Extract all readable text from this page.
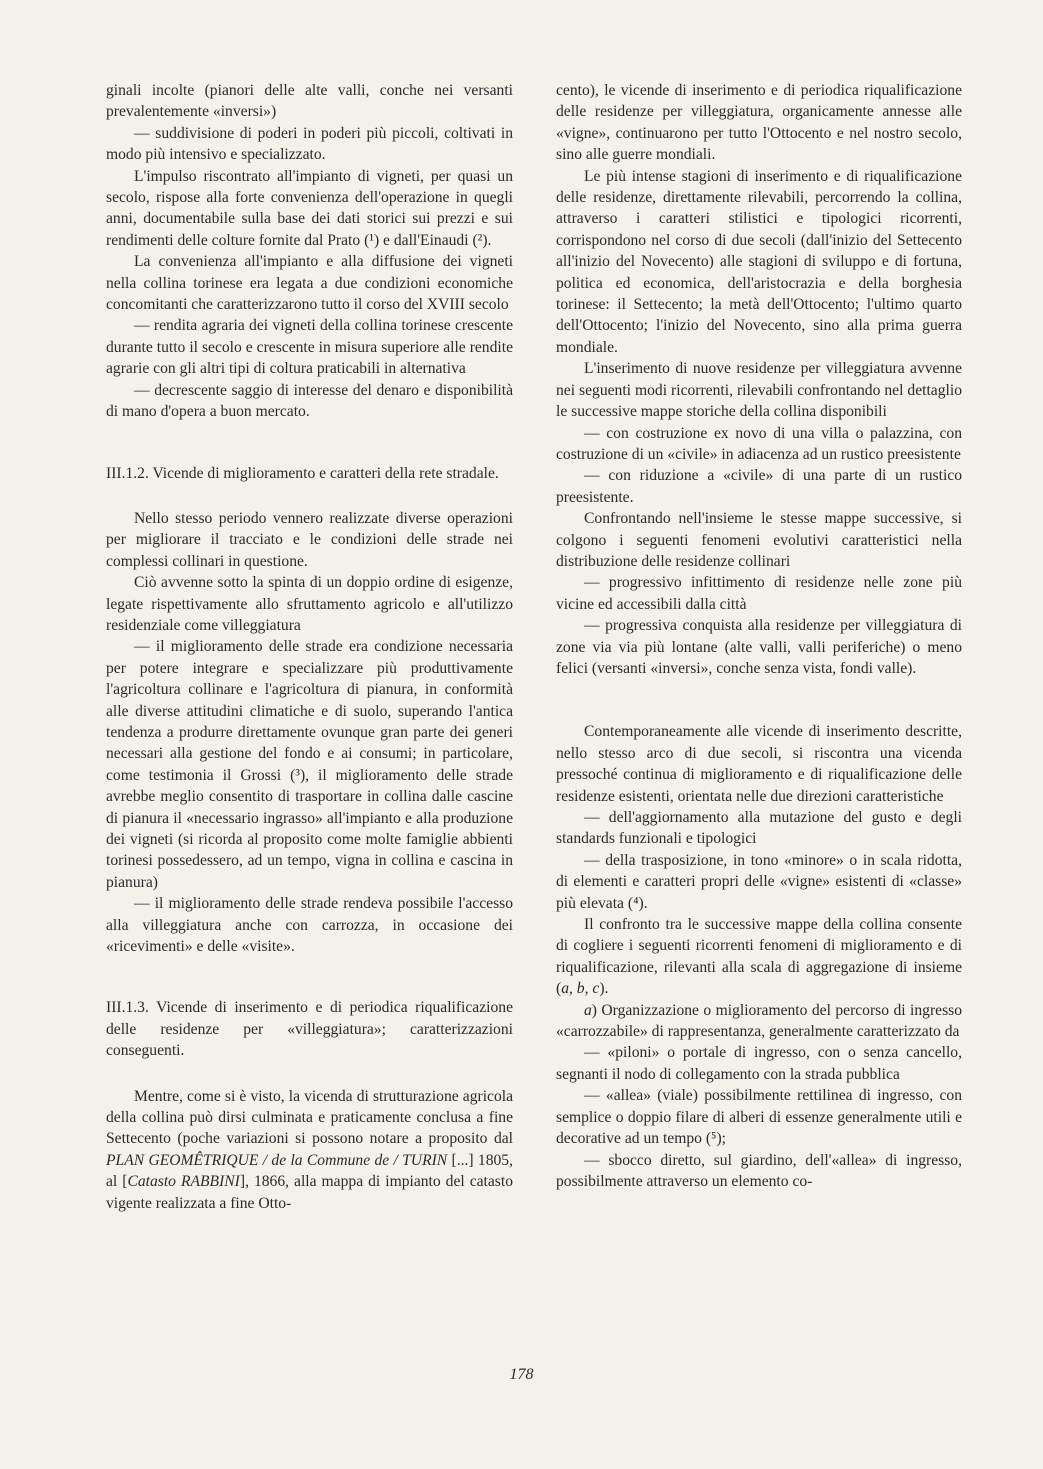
ginali incolte (pianori delle alte valli, conche nei versanti prevalentemente «inversi»)

— suddivisione di poderi in poderi più piccoli, coltivati in modo più intensivo e specializzato.

L'impulso riscontrato all'impianto di vigneti, per quasi un secolo, rispose alla forte convenienza dell'operazione in quegli anni, documentabile sulla base dei dati storici sui prezzi e sui rendimenti delle colture fornite dal Prato (¹) e dall'Einaudi (²).

La convenienza all'impianto e alla diffusione dei vigneti nella collina torinese era legata a due condizioni economiche concomitanti che caratterizzarono tutto il corso del XVIII secolo

— rendita agraria dei vigneti della collina torinese crescente durante tutto il secolo e crescente in misura superiore alle rendite agrarie con gli altri tipi di coltura praticabili in alternativa

— decrescente saggio di interesse del denaro e disponibilità di mano d'opera a buon mercato.

III.1.2. Vicende di miglioramento e caratteri della rete stradale.

Nello stesso periodo vennero realizzate diverse operazioni per migliorare il tracciato e le condizioni delle strade nei complessi collinari in questione.

Ciò avvenne sotto la spinta di un doppio ordine di esigenze, legate rispettivamente allo sfruttamento agricolo e all'utilizzo residenziale come villeggiatura

— il miglioramento delle strade era condizione necessaria per potere integrare e specializzare più produttivamente l'agricoltura collinare e l'agricoltura di pianura, in conformità alle diverse attitudini climatiche e di suolo, superando l'antica tendenza a produrre direttamente ovunque gran parte dei generi necessari alla gestione del fondo e ai consumi; in particolare, come testimonia il Grossi (³), il miglioramento delle strade avrebbe meglio consentito di trasportare in collina dalle cascine di pianura il «necessario ingrasso» all'impianto e alla produzione dei vigneti (si ricorda al proposito come molte famiglie abbienti torinesi possedessero, ad un tempo, vigna in collina e cascina in pianura)

— il miglioramento delle strade rendeva possibile l'accesso alla villeggiatura anche con carrozza, in occasione dei «ricevimenti» e delle «visite».

III.1.3. Vicende di inserimento e di periodica riqualificazione delle residenze per «villeggiatura»; caratterizzazioni conseguenti.

Mentre, come si è visto, la vicenda di strutturazione agricola della collina può dirsi culminata e praticamente conclusa a fine Settecento (poche variazioni si possono notare a proposito dal PLAN GEOMÊTRIQUE / de la Commune de / TURIN [...] 1805, al [Catasto RABBINI], 1866, alla mappa di impianto del catasto vigente realizzata a fine Otto-

cento), le vicende di inserimento e di periodica riqualificazione delle residenze per villeggiatura, organicamente annesse alle «vigne», continuarono per tutto l'Ottocento e nel nostro secolo, sino alle guerre mondiali.

Le più intense stagioni di inserimento e di riqualificazione delle residenze, direttamente rilevabili, percorrendo la collina, attraverso i caratteri stilistici e tipologici ricorrenti, corrispondono nel corso di due secoli (dall'inizio del Settecento all'inizio del Novecento) alle stagioni di sviluppo e di fortuna, politica ed economica, dell'aristocrazia e della borghesia torinese: il Settecento; la metà dell'Ottocento; l'ultimo quarto dell'Ottocento; l'inizio del Novecento, sino alla prima guerra mondiale.

L'inserimento di nuove residenze per villeggiatura avvenne nei seguenti modi ricorrenti, rilevabili confrontando nel dettaglio le successive mappe storiche della collina disponibili

— con costruzione ex novo di una villa o palazzina, con costruzione di un «civile» in adiacenza ad un rustico preesistente

— con riduzione a «civile» di una parte di un rustico preesistente.

Confrontando nell'insieme le stesse mappe successive, si colgono i seguenti fenomeni evolutivi caratteristici nella distribuzione delle residenze collinari

— progressivo infittimento di residenze nelle zone più vicine ed accessibili dalla città

— progressiva conquista alla residenze per villeggiatura di zone via via più lontane (alte valli, valli periferiche) o meno felici (versanti «inversi», conche senza vista, fondi valle).

Contemporaneamente alle vicende di inserimento descritte, nello stesso arco di due secoli, si riscontra una vicenda pressoché continua di miglioramento e di riqualificazione delle residenze esistenti, orientata nelle due direzioni caratteristiche

— dell'aggiornamento alla mutazione del gusto e degli standards funzionali e tipologici

— della trasposizione, in tono «minore» o in scala ridotta, di elementi e caratteri propri delle «vigne» esistenti di «classe» più elevata (⁴).

Il confronto tra le successive mappe della collina consente di cogliere i seguenti ricorrenti fenomeni di miglioramento e di riqualificazione, rilevanti alla scala di aggregazione di insieme (a, b, c).

a) Organizzazione o miglioramento del percorso di ingresso «carrozzabile» di rappresentanza, generalmente caratterizzato da

— «piloni» o portale di ingresso, con o senza cancello, segnanti il nodo di collegamento con la strada pubblica

— «allea» (viale) possibilmente rettilinea di ingresso, con semplice o doppio filare di alberi di essenze generalmente utili e decorative ad un tempo (⁵);

— sbocco diretto, sul giardino, dell'«allea» di ingresso, possibilmente attraverso un elemento co-

178
